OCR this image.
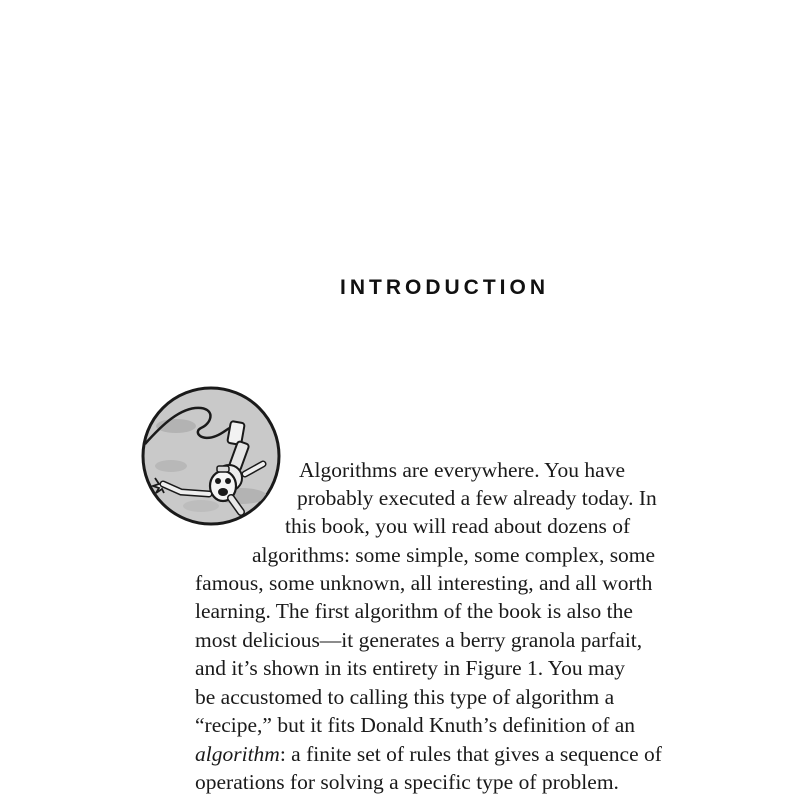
INTRODUCTION
Algorithms are everywhere. You have
probably executed a few already today. In
this book, you will read about dozens of
algorithms: some simple, some complex, some
famous, some unknown, all interesting, and all worth
learning. The first algorithm of the book is also the
most delicious—it generates a berry granola parfait,
and it’s shown in its entirety in Figure 1. You may
be accustomed to calling this type of algorithm a
“recipe,” but it fits Donald Knuth’s definition of an
algorithm: a finite set of rules that gives a sequence of
operations for solving a specific type of problem.
